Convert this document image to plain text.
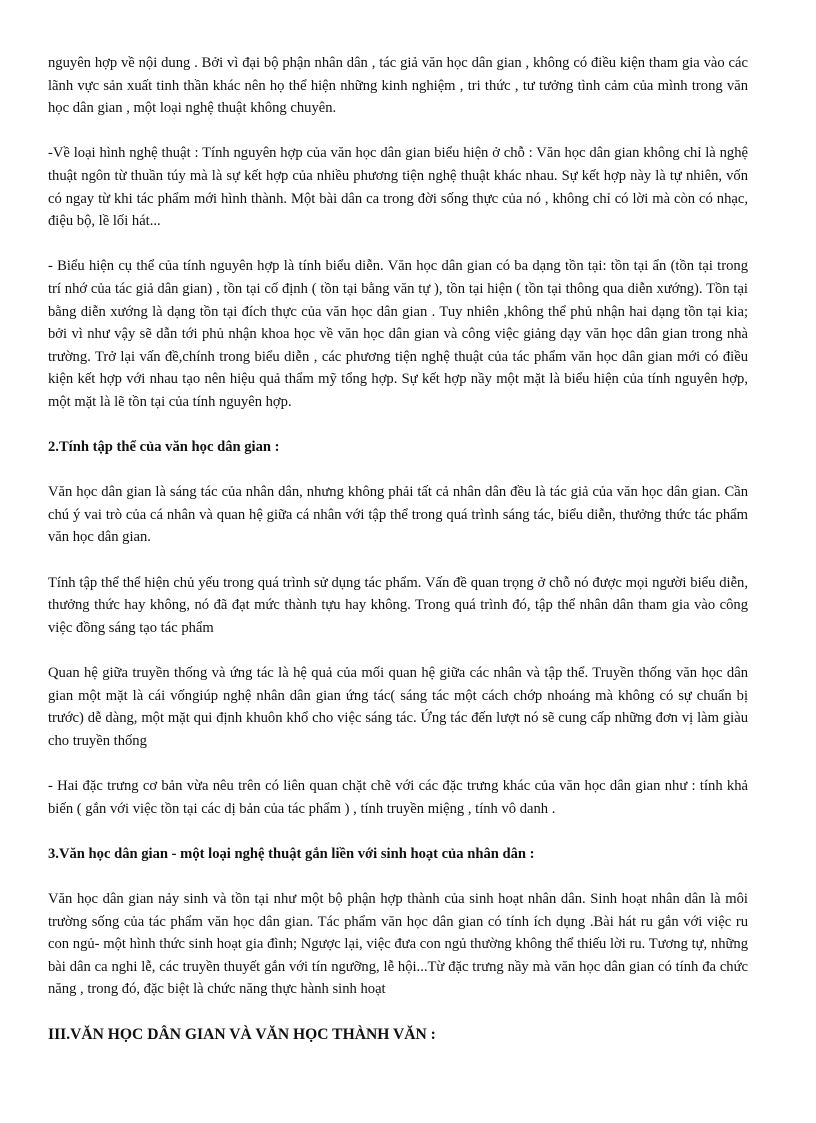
nguyên hợp về nội dung . Bởi vì đại bộ phận nhân dân , tác giả văn học dân gian , không có điều kiện tham gia vào các lãnh vực sản xuất tinh thần khác nên họ thể hiện những kinh nghiệm , tri thức , tư tưởng tình cảm của mình trong văn học dân gian , một loại nghệ thuật không chuyên.

-Về loại hình nghệ thuật : Tính nguyên hợp của văn học dân gian biểu hiện ở chỗ : Văn học dân gian không chỉ là nghệ thuật ngôn từ thuần túy mà là sự kết hợp của nhiều phương tiện nghệ thuật khác nhau. Sự kết hợp này là tự nhiên, vốn có ngay từ khi tác phẩm mới hình thành. Một bài dân ca trong đời sống thực của nó , không chỉ có lời mà còn có nhạc, điệu bộ, lề lối hát...

- Biểu hiện cụ thể của tính nguyên hợp là tính biểu diễn. Văn học dân gian có ba dạng tồn tại: tồn tại ẩn (tồn tại trong trí nhớ của tác giả dân gian) , tồn tại cố định ( tồn tại bằng văn tự ), tồn tại hiện ( tồn tại thông qua diễn xướng). Tồn tại bằng diễn xướng là dạng tồn tại đích thực của văn học dân gian . Tuy nhiên ,không thể phủ nhận hai dạng tồn tại kia; bởi vì như vậy sẽ dẫn tới phủ nhận khoa học về văn học dân gian và công việc giảng dạy văn học dân gian trong nhà trường. Trở lại vấn đề,chính trong biểu diễn , các phương tiện nghệ thuật của tác phẩm văn học dân gian mới có điều kiện kết hợp với nhau tạo nên hiệu quả thẩm mỹ tổng hợp. Sự kết hợp nầy một mặt là biểu hiện của tính nguyên hợp, một mặt là lẽ tồn tại của tính nguyên hợp.

2.Tính tập thể của văn học dân gian :

Văn học dân gian là sáng tác của nhân dân, nhưng không phải tất cả nhân dân đều là tác giả của văn học dân gian. Cần chú ý vai trò của cá nhân và quan hệ giữa cá nhân với tập thể trong quá trình sáng tác, biểu diễn, thưởng thức tác phẩm văn học dân gian.

Tính tập thể thể hiện chủ yếu trong quá trình sử dụng tác phẩm. Vấn đề quan trọng ở chỗ nó được mọi người biểu diễn, thưởng thức hay không, nó đã đạt mức thành tựu hay không. Trong quá trình đó, tập thể nhân dân tham gia vào công việc đồng sáng tạo tác phẩm

Quan hệ giữa truyền thống và ứng tác là hệ quả của mối quan hệ giữa các nhân và tập thể. Truyền thống văn học dân gian một mặt là cái vốngiúp nghệ nhân dân gian ứng tác( sáng tác một cách chớp nhoáng mà không có sự chuẩn bị trước) dễ dàng, một mặt qui định khuôn khổ cho việc sáng tác. Ứng tác đến lượt nó sẽ cung cấp những đơn vị làm giàu cho truyền thống

- Hai đặc trưng cơ bản vừa nêu trên có liên quan chặt chẽ với các đặc trưng khác của văn học dân gian như : tính khả biến ( gắn với việc tồn tại các dị bản của tác phẩm ) , tính truyền miệng , tính vô danh .

3.Văn học dân gian - một loại nghệ thuật gắn liền với sinh hoạt của nhân dân :

Văn học dân gian nảy sinh và tồn tại như một bộ phận hợp thành của sinh hoạt nhân dân. Sinh hoạt nhân dân là môi trường sống của tác phẩm văn học dân gian. Tác phẩm văn học dân gian có tính ích dụng .Bài hát ru gắn với việc ru con ngủ- một hình thức sinh hoạt gia đình; Ngược lại, việc đưa con ngủ thường không thể thiếu lời ru. Tương tự, những bài dân ca nghi lễ, các truyền thuyết gắn với tín ngưỡng, lễ hội...Từ đặc trưng nầy mà văn học dân gian có tính đa chức năng , trong đó, đặc biệt là chức năng thực hành sinh hoạt

III.VĂN HỌC DÂN GIAN VÀ VĂN HỌC THÀNH VĂN :
